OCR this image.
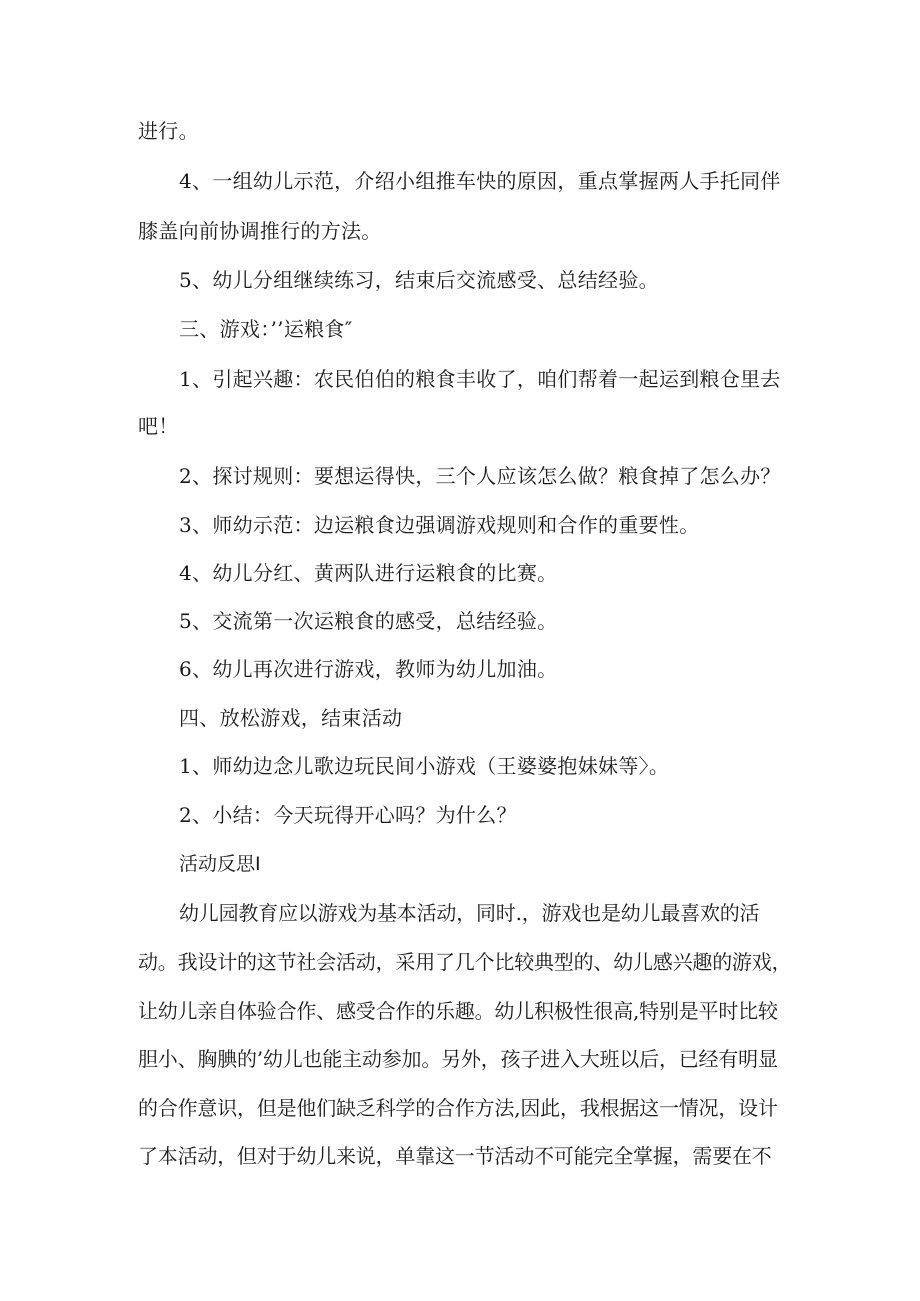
进行。
4、一组幼儿示范，介绍小组推车快的原因，重点掌握两人手托同伴
膝盖向前协调推行的方法。
5、幼儿分组继续练习，结束后交流感受、总结经验。
三、游戏：’’运粮食″
1、引起兴趣：农民伯伯的粮食丰收了，咱们帮着一起运到粮仓里去
吧！
2、探讨规则：要想运得快，三个人应该怎么做？粮食掉了怎么办？
3、师幼示范：边运粮食边强调游戏规则和合作的重要性。
4、幼儿分红、黄两队进行运粮食的比赛。
5、交流第一次运粮食的感受，总结经验。
6、幼儿再次进行游戏，教师为幼儿加油。
四、放松游戏，结束活动
1、师幼边念儿歌边玩民间小游戏（王婆婆抱妹妹等〉。
2、小结：今天玩得开心吗？为什么？
活动反思I
幼儿园教育应以游戏为基本活动，同时.，游戏也是幼儿最喜欢的活
动。我设计的这节社会活动，采用了几个比较典型的、幼儿感兴趣的游戏，
让幼儿亲自体验合作、感受合作的乐趣。幼儿积极性很高,特别是平时比较
胆小、胸腆的’幼儿也能主动参加。另外，孩子进入大班以后，已经有明显
的合作意识，但是他们缺乏科学的合作方法,因此，我根据这一情况，设计
了本活动，但对于幼儿来说，单靠这一节活动不可能完全掌握，需要在不
